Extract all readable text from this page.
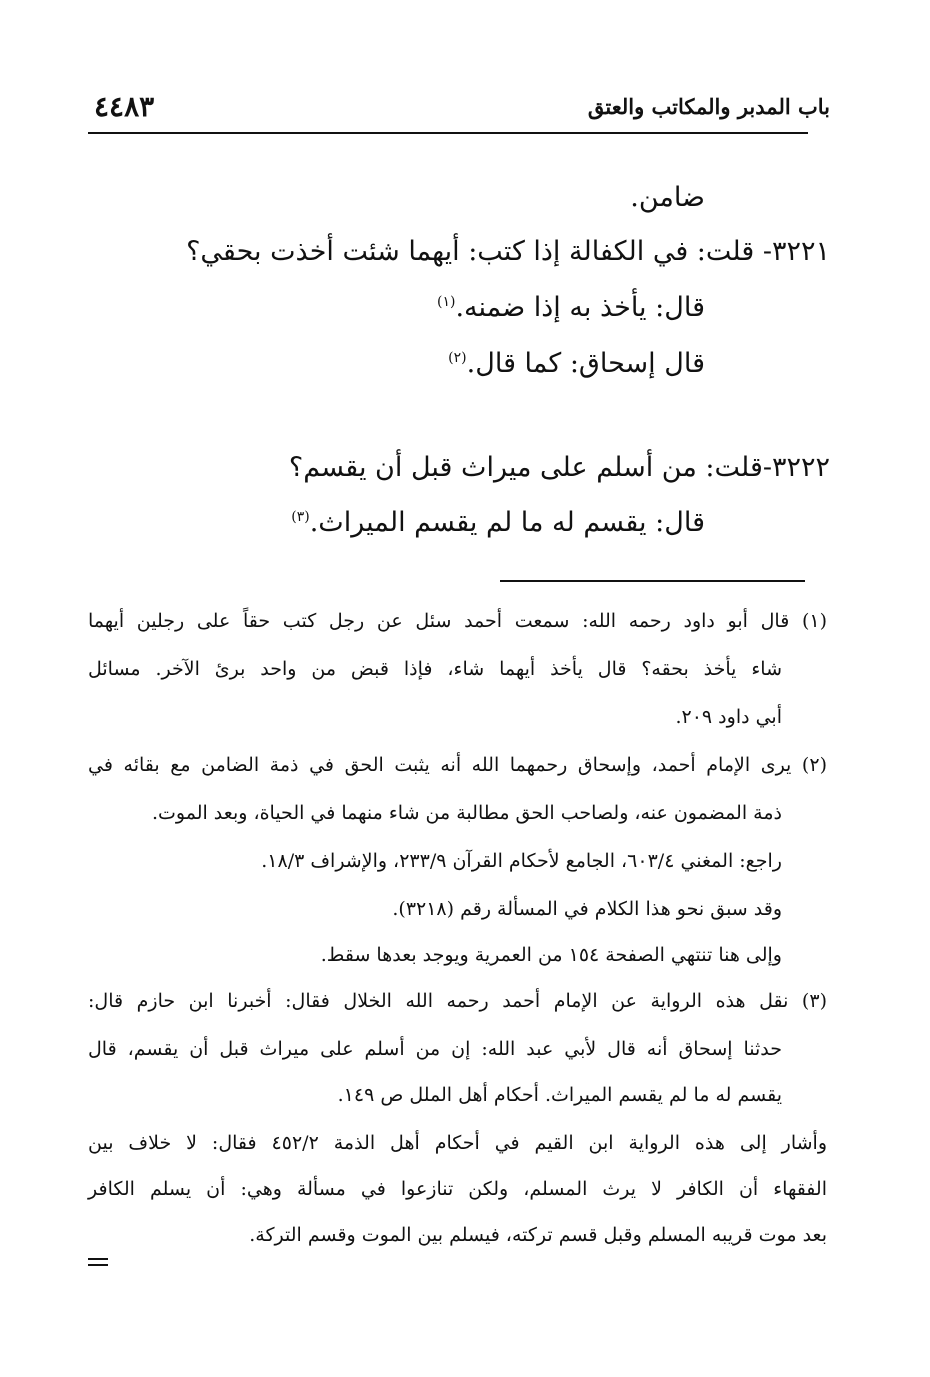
باب المدبر والمكاتب والعتق
٤٤٨٣
ضامن.
٣٢٢١- قلت: في الكفالة إذا كتب: أيهما شئت أخذت بحقي؟
قال: يأخذ به إذا ضمنه.$^{(١)}$
قال إسحاق: كما قال.$^{(٢)}$
٣٢٢٢-قلت: من أسلم على ميراث قبل أن يقسم؟
قال: يقسم له ما لم يقسم الميراث.$^{(٣)}$
(١) قال أبو داود رحمه الله: سمعت أحمد سئل عن رجل كتب حقاً على رجلين أيهما
شاء يأخذ بحقه؟ قال يأخذ أيهما شاء، فإذا قبض من واحد برئ الآخر. مسائل
أبي داود ٢٠٩.
(٢) يرى الإمام أحمد، وإسحاق رحمهما الله أنه يثبت الحق في ذمة الضامن مع بقائه في
ذمة المضمون عنه، ولصاحب الحق مطالبة من شاء منهما في الحياة، وبعد الموت.
راجع: المغني ٦٠٣/٤، الجامع لأحكام القرآن ٢٣٣/٩، والإشراف ١٨/٣.
وقد سبق نحو هذا الكلام في المسألة رقم (٣٢١٨).
وإلى هنا تنتهي الصفحة ١٥٤ من العمرية ويوجد بعدها سقط.
(٣) نقل هذه الرواية عن الإمام أحمد رحمه الله الخلال فقال: أخبرنا ابن حازم قال:
حدثنا إسحاق أنه قال لأبي عبد الله: إن من أسلم على ميراث قبل أن يقسم، قال
يقسم له ما لم يقسم الميراث. أحكام أهل الملل ص ١٤٩.
وأشار إلى هذه الرواية ابن القيم في أحكام أهل الذمة ٤٥٢/٢ فقال: لا خلاف بين
الفقهاء أن الكافر لا يرث المسلم، ولكن تنازعوا في مسألة وهي: أن يسلم الكافر
بعد موت قريبه المسلم وقبل قسم تركته، فيسلم بين الموت وقسم التركة.
